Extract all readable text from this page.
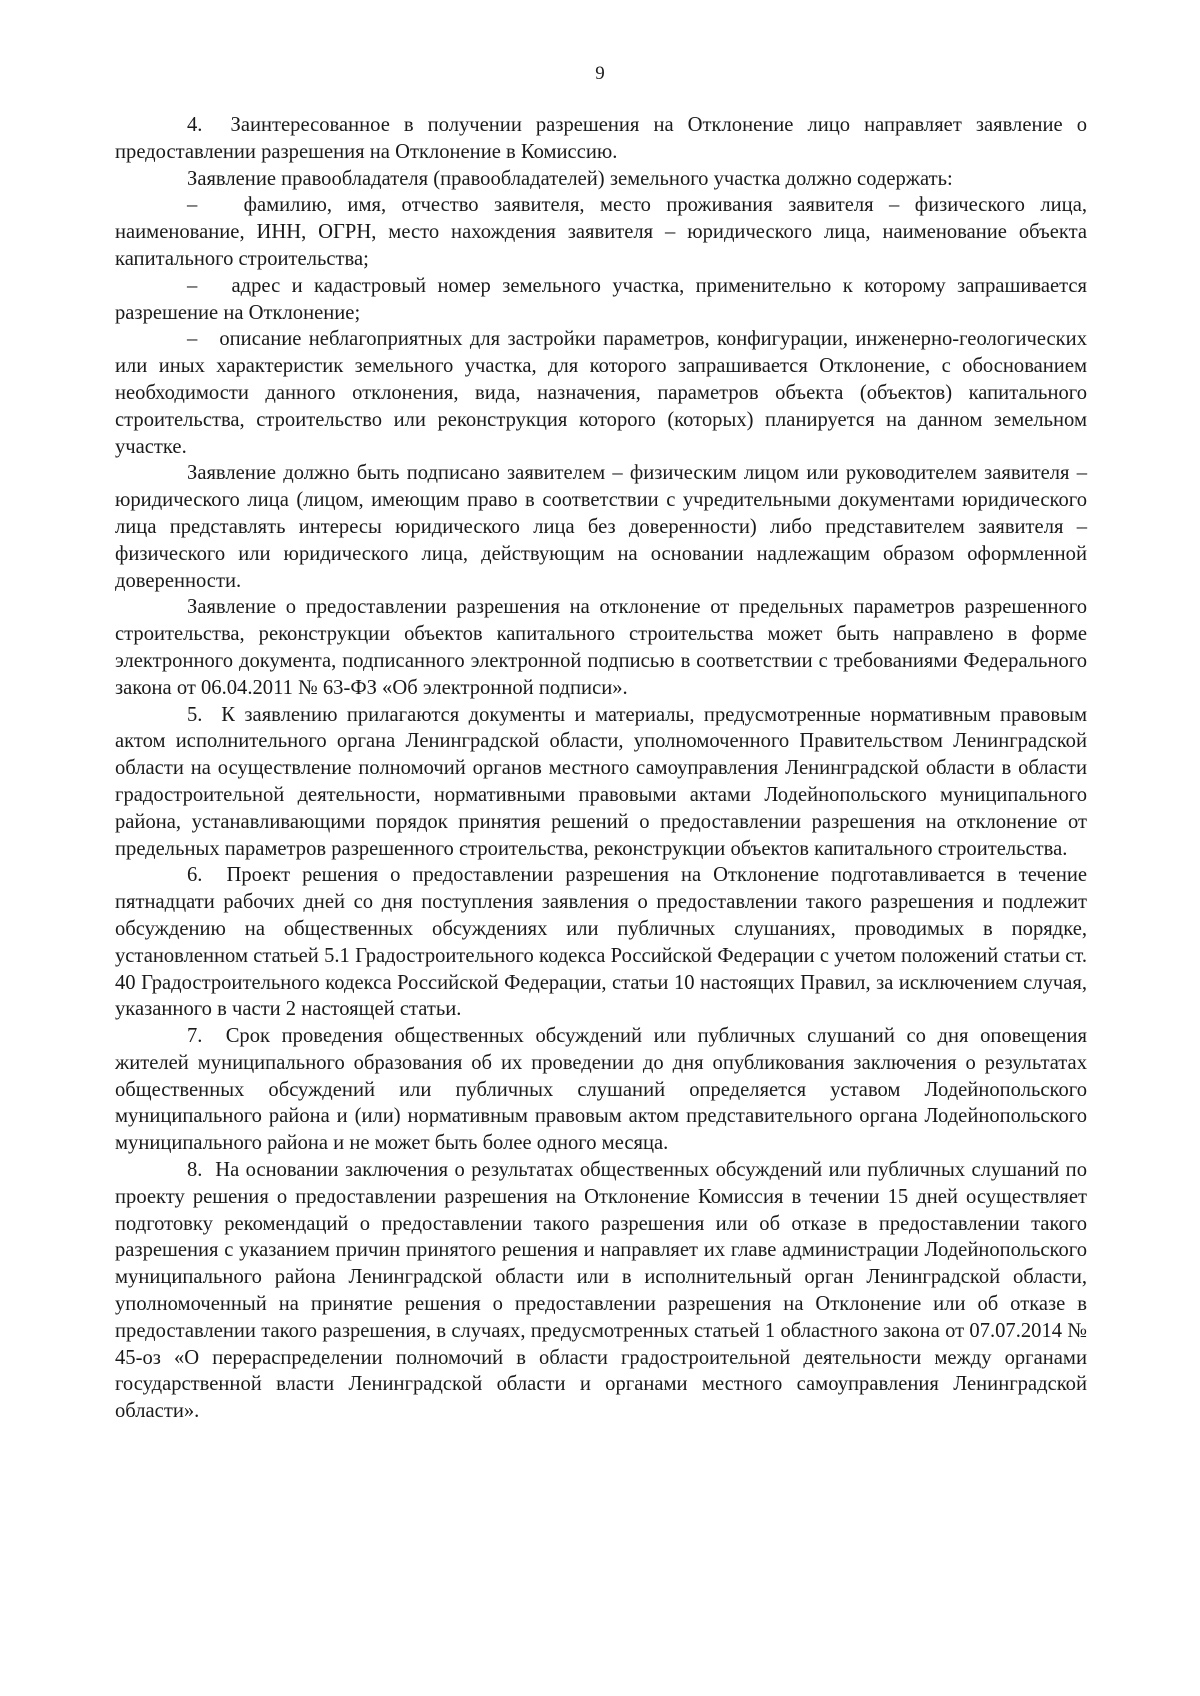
9

4.  Заинтересованное в получении разрешения на Отклонение лицо направляет заявление о предоставлении разрешения на Отклонение в Комиссию.

Заявление правообладателя (правообладателей) земельного участка должно содержать:

–   фамилию, имя, отчество заявителя, место проживания заявителя – физического лица, наименование, ИНН, ОГРН, место нахождения заявителя – юридического лица, наименование объекта капитального строительства;

–   адрес и кадастровый номер земельного участка, применительно к которому запрашивается разрешение на Отклонение;

–   описание неблагоприятных для застройки параметров, конфигурации, инженерно-геологических или иных характеристик земельного участка, для которого запрашивается Отклонение, с обоснованием необходимости данного отклонения, вида, назначения, параметров объекта (объектов) капитального строительства, строительство или реконструкция которого (которых) планируется на данном земельном участке.

Заявление должно быть подписано заявителем – физическим лицом или руководителем заявителя – юридического лица (лицом, имеющим право в соответствии с учредительными документами юридического лица представлять интересы юридического лица без доверенности) либо представителем заявителя – физического или юридического лица, действующим на основании надлежащим образом оформленной доверенности.

Заявление о предоставлении разрешения на отклонение от предельных параметров разрешенного строительства, реконструкции объектов капитального строительства может быть направлено в форме электронного документа, подписанного электронной подписью в соответствии с требованиями Федерального закона от 06.04.2011 № 63-ФЗ «Об электронной подписи».

5.  К заявлению прилагаются документы и материалы, предусмотренные нормативным правовым актом исполнительного органа Ленинградской области, уполномоченного Правительством Ленинградской области на осуществление полномочий органов местного самоуправления Ленинградской области в области градостроительной деятельности, нормативными правовыми актами Лодейнопольского муниципального района, устанавливающими порядок принятия решений о предоставлении разрешения на отклонение от предельных параметров разрешенного строительства, реконструкции объектов капитального строительства.

6.  Проект решения о предоставлении разрешения на Отклонение подготавливается в течение пятнадцати рабочих дней со дня поступления заявления о предоставлении такого разрешения и подлежит обсуждению на общественных обсуждениях или публичных слушаниях, проводимых в порядке, установленном статьей 5.1 Градостроительного кодекса Российской Федерации с учетом положений статьи ст. 40 Градостроительного кодекса Российской Федерации, статьи 10 настоящих Правил, за исключением случая, указанного в части 2 настоящей статьи.

7.  Срок проведения общественных обсуждений или публичных слушаний со дня оповещения жителей муниципального образования об их проведении до дня опубликования заключения о результатах общественных обсуждений или публичных слушаний определяется уставом Лодейнопольского муниципального района и (или) нормативным правовым актом представительного органа Лодейнопольского муниципального района и не может быть более одного месяца.

8.  На основании заключения о результатах общественных обсуждений или публичных слушаний по проекту решения о предоставлении разрешения на Отклонение Комиссия в течении 15 дней осуществляет подготовку рекомендаций о предоставлении такого разрешения или об отказе в предоставлении такого разрешения с указанием причин принятого решения и направляет их главе администрации Лодейнопольского муниципального района Ленинградской области или в исполнительный орган Ленинградской области, уполномоченный на принятие решения о предоставлении разрешения на Отклонение или об отказе в предоставлении такого разрешения, в случаях, предусмотренных статьей 1 областного закона от 07.07.2014 № 45-оз «О перераспределении полномочий в области градостроительной деятельности между органами государственной власти Ленинградской области и органами местного самоуправления Ленинградской области».
